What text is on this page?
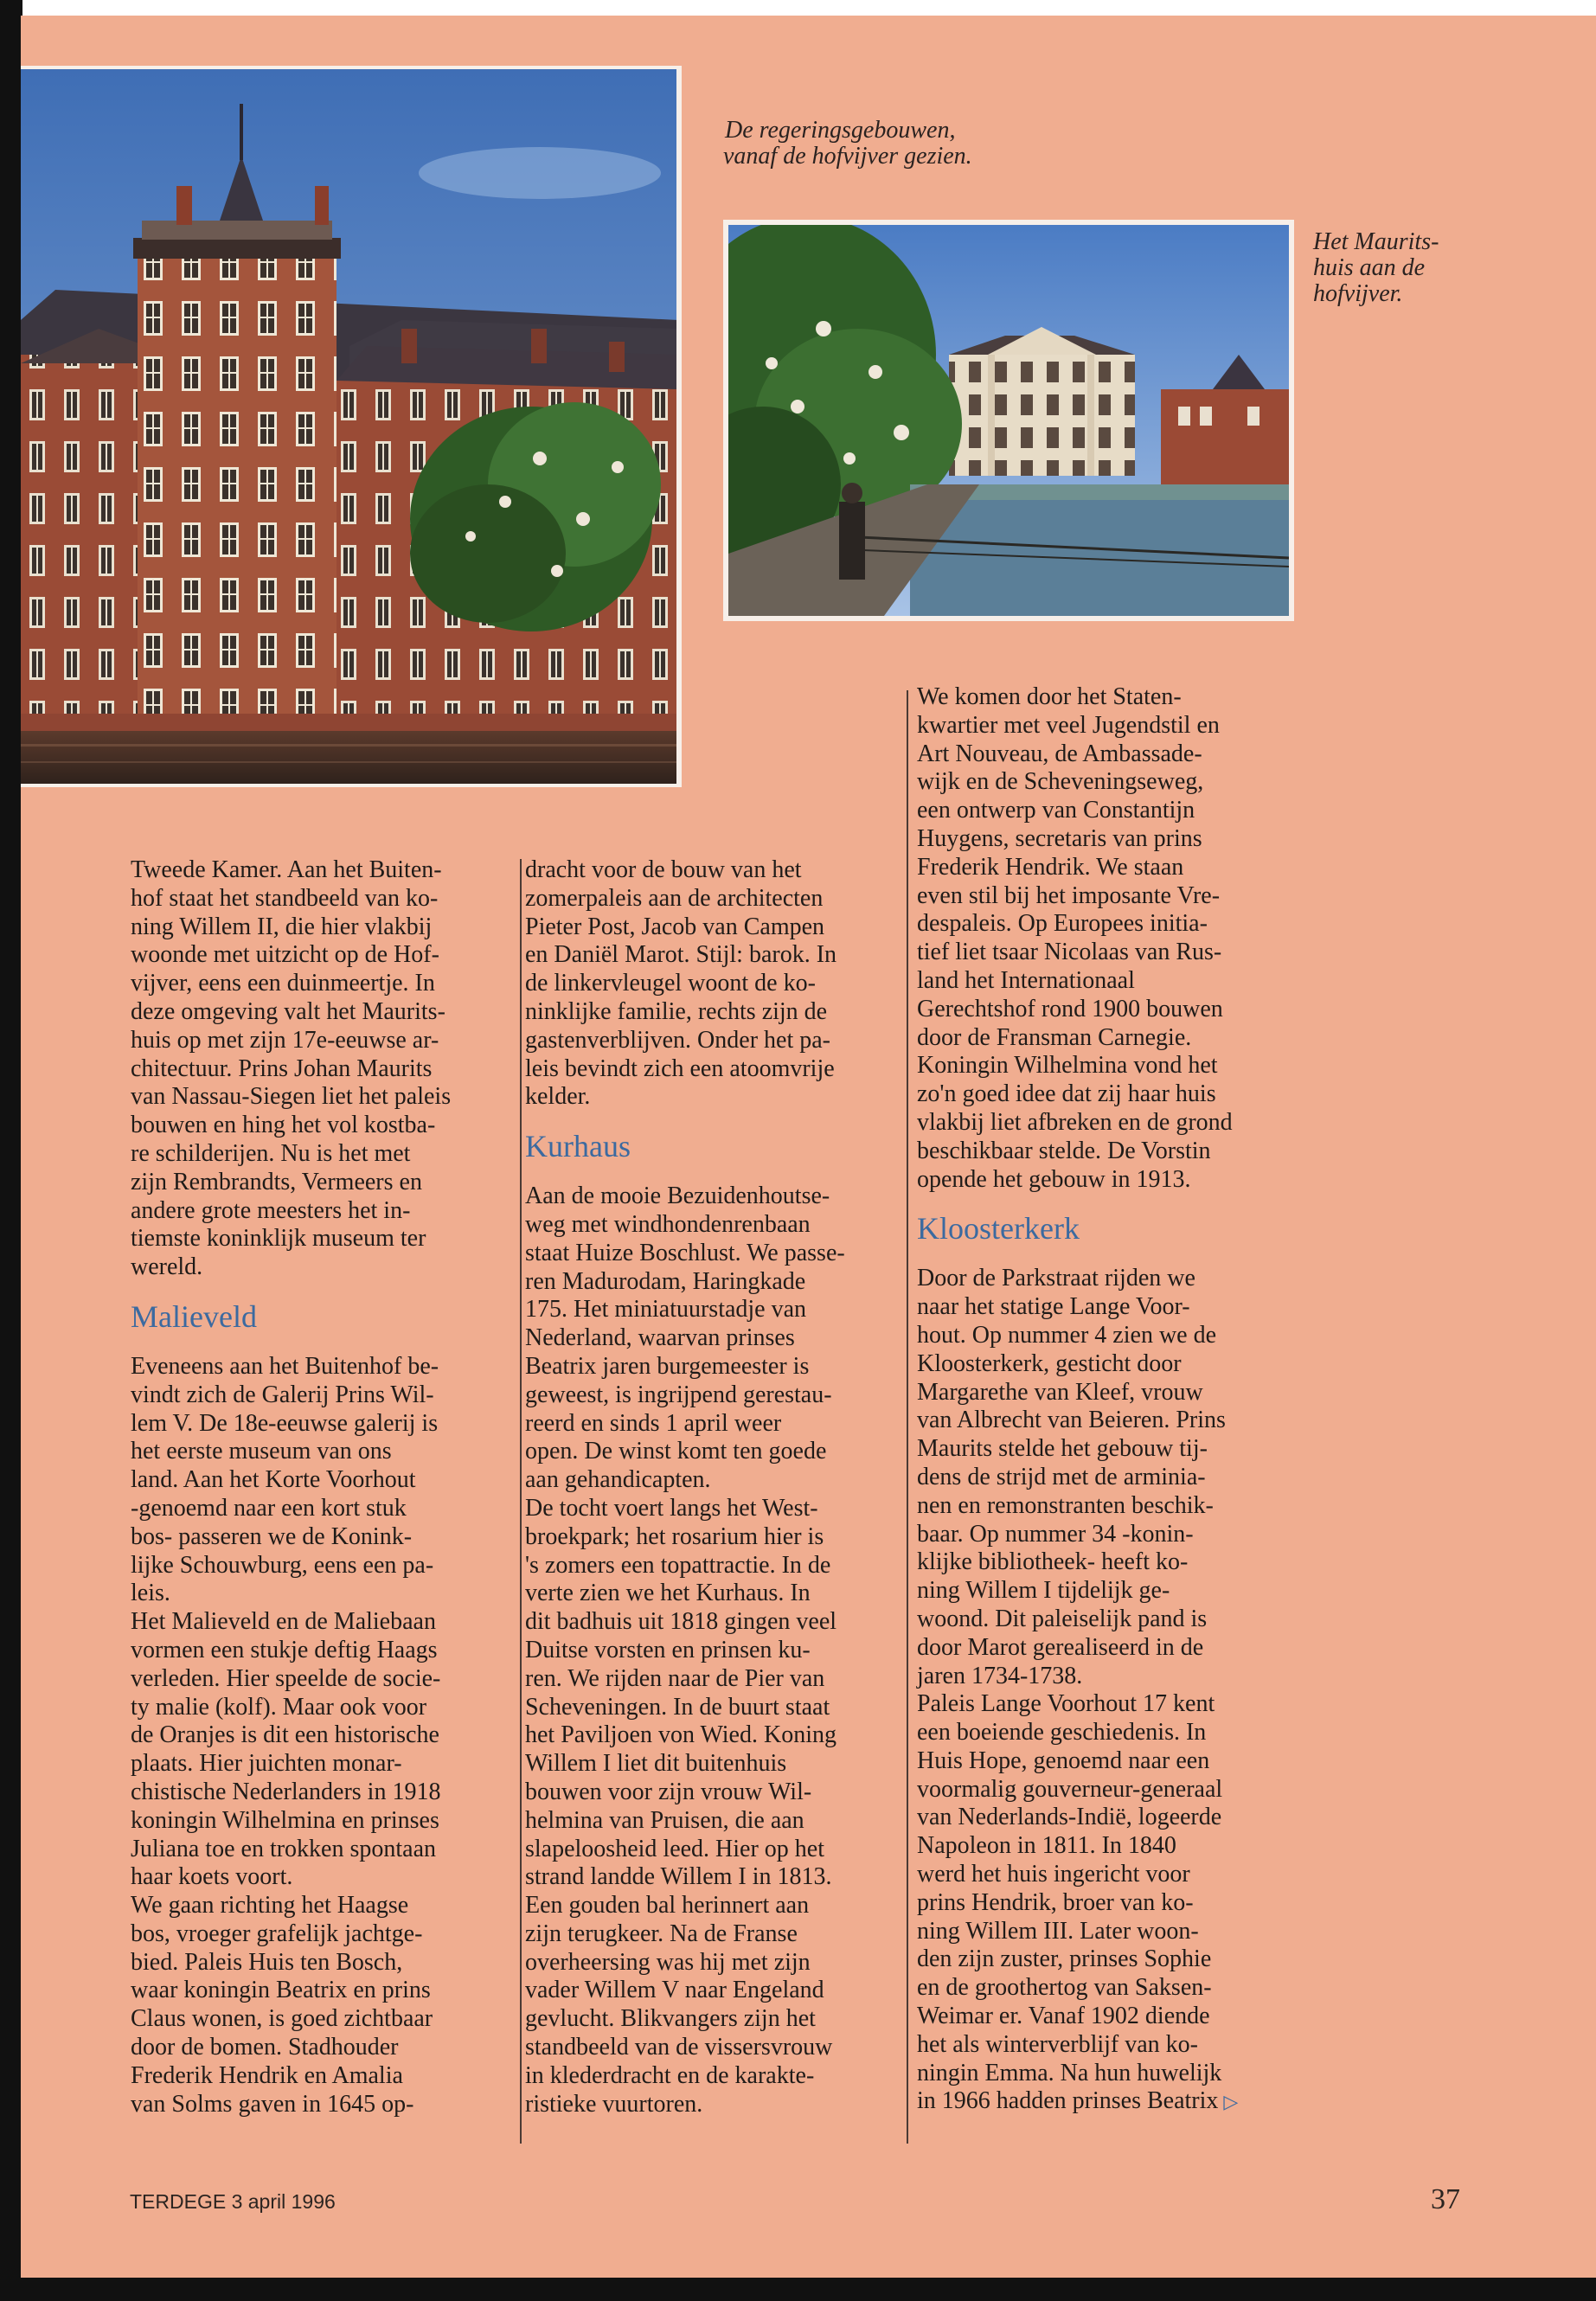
De regeringsgebouwen,
vanaf de hofvijver gezien.
Het Maurits-
huis aan de
hofvijver.

Tweede Kamer. Aan het Buiten-
hof staat het standbeeld van ko-
ning Willem II, die hier vlakbij
woonde met uitzicht op de Hof-
vijver, eens een duinmeertje. In
deze omgeving valt het Maurits-
huis op met zijn 17e-eeuwse ar-
chitectuur. Prins Johan Maurits
van Nassau-Siegen liet het paleis
bouwen en hing het vol kostba-
re schilderijen. Nu is het met
zijn Rembrandts, Vermeers en
andere grote meesters het in-
tiemste koninklijk museum ter
wereld.

Malieveld

Eveneens aan het Buitenhof be-
vindt zich de Galerij Prins Wil-
lem V. De 18e-eeuwse galerij is
het eerste museum van ons
land. Aan het Korte Voorhout
-genoemd naar een kort stuk
bos- passeren we de Konink-
lijke Schouwburg, eens een pa-
leis.

Het Malieveld en de Maliebaan
vormen een stukje deftig Haags
verleden. Hier speelde de socie-
ty malie (kolf). Maar ook voor
de Oranjes is dit een historische
plaats. Hier juichten monar-
chistische Nederlanders in 1918
koningin Wilhelmina en prinses
Juliana toe en trokken spontaan
haar koets voort.

We gaan richting het Haagse
bos, vroeger grafelijk jachtge-
bied. Paleis Huis ten Bosch,
waar koningin Beatrix en prins
Claus wonen, is goed zichtbaar
door de bomen. Stadhouder
Frederik Hendrik en Amalia
van Solms gaven in 1645 op-

dracht voor de bouw van het
zomerpaleis aan de architecten
Pieter Post, Jacob van Campen
en Daniël Marot. Stijl: barok. In
de linkervleugel woont de ko-
ninklijke familie, rechts zijn de
gastenverblijven. Onder het pa-
leis bevindt zich een atoomvrije
kelder.

Kurhaus

Aan de mooie Bezuidenhoutse-
weg met windhondenrenbaan
staat Huize Boschlust. We passe-
ren Madurodam, Haringkade
175. Het miniatuurstadje van
Nederland, waarvan prinses
Beatrix jaren burgemeester is
geweest, is ingrijpend gerestau-
reerd en sinds 1 april weer
open. De winst komt ten goede
aan gehandicapten.

De tocht voert langs het West-
broekpark; het rosarium hier is
's zomers een topattractie. In de
verte zien we het Kurhaus. In
dit badhuis uit 1818 gingen veel
Duitse vorsten en prinsen ku-
ren. We rijden naar de Pier van
Scheveningen. In de buurt staat
het Paviljoen von Wied. Koning
Willem I liet dit buitenhuis
bouwen voor zijn vrouw Wil-
helmina van Pruisen, die aan
slapeloosheid leed. Hier op het
strand landde Willem I in 1813.
Een gouden bal herinnert aan
zijn terugkeer. Na de Franse
overheersing was hij met zijn
vader Willem V naar Engeland
gevlucht. Blikvangers zijn het
standbeeld van de vissersvrouw
in klederdracht en de karakte-
ristieke vuurtoren.

We komen door het Staten-
kwartier met veel Jugendstil en
Art Nouveau, de Ambassade-
wijk en de Scheveningseweg,
een ontwerp van Constantijn
Huygens, secretaris van prins
Frederik Hendrik. We staan
even stil bij het imposante Vre-
despaleis. Op Europees initia-
tief liet tsaar Nicolaas van Rus-
land het Internationaal
Gerechtshof rond 1900 bouwen
door de Fransman Carnegie.
Koningin Wilhelmina vond het
zo'n goed idee dat zij haar huis
vlakbij liet afbreken en de grond
beschikbaar stelde. De Vorstin
opende het gebouw in 1913.

Kloosterkerk

Door de Parkstraat rijden we
naar het statige Lange Voor-
hout. Op nummer 4 zien we de
Kloosterkerk, gesticht door
Margarethe van Kleef, vrouw
van Albrecht van Beieren. Prins
Maurits stelde het gebouw tij-
dens de strijd met de arminia-
nen en remonstranten beschik-
baar. Op nummer 34 -konin-
klijke bibliotheek- heeft ko-
ning Willem I tijdelijk ge-
woond. Dit paleiselijk pand is
door Marot gerealiseerd in de
jaren 1734-1738.

Paleis Lange Voorhout 17 kent
een boeiende geschiedenis. In
Huis Hope, genoemd naar een
voormalig gouverneur-generaal
van Nederlands-Indië, logeerde
Napoleon in 1811. In 1840
werd het huis ingericht voor
prins Hendrik, broer van ko-
ning Willem III. Later woon-
den zijn zuster, prinses Sophie
en de groothertog van Saksen-
Weimar er. Vanaf 1902 diende
het als winterverblijf van ko-
ningin Emma. Na hun huwelijk
in 1966 hadden prinses Beatrix ▷

TERDEGE 3 april 1996	37
